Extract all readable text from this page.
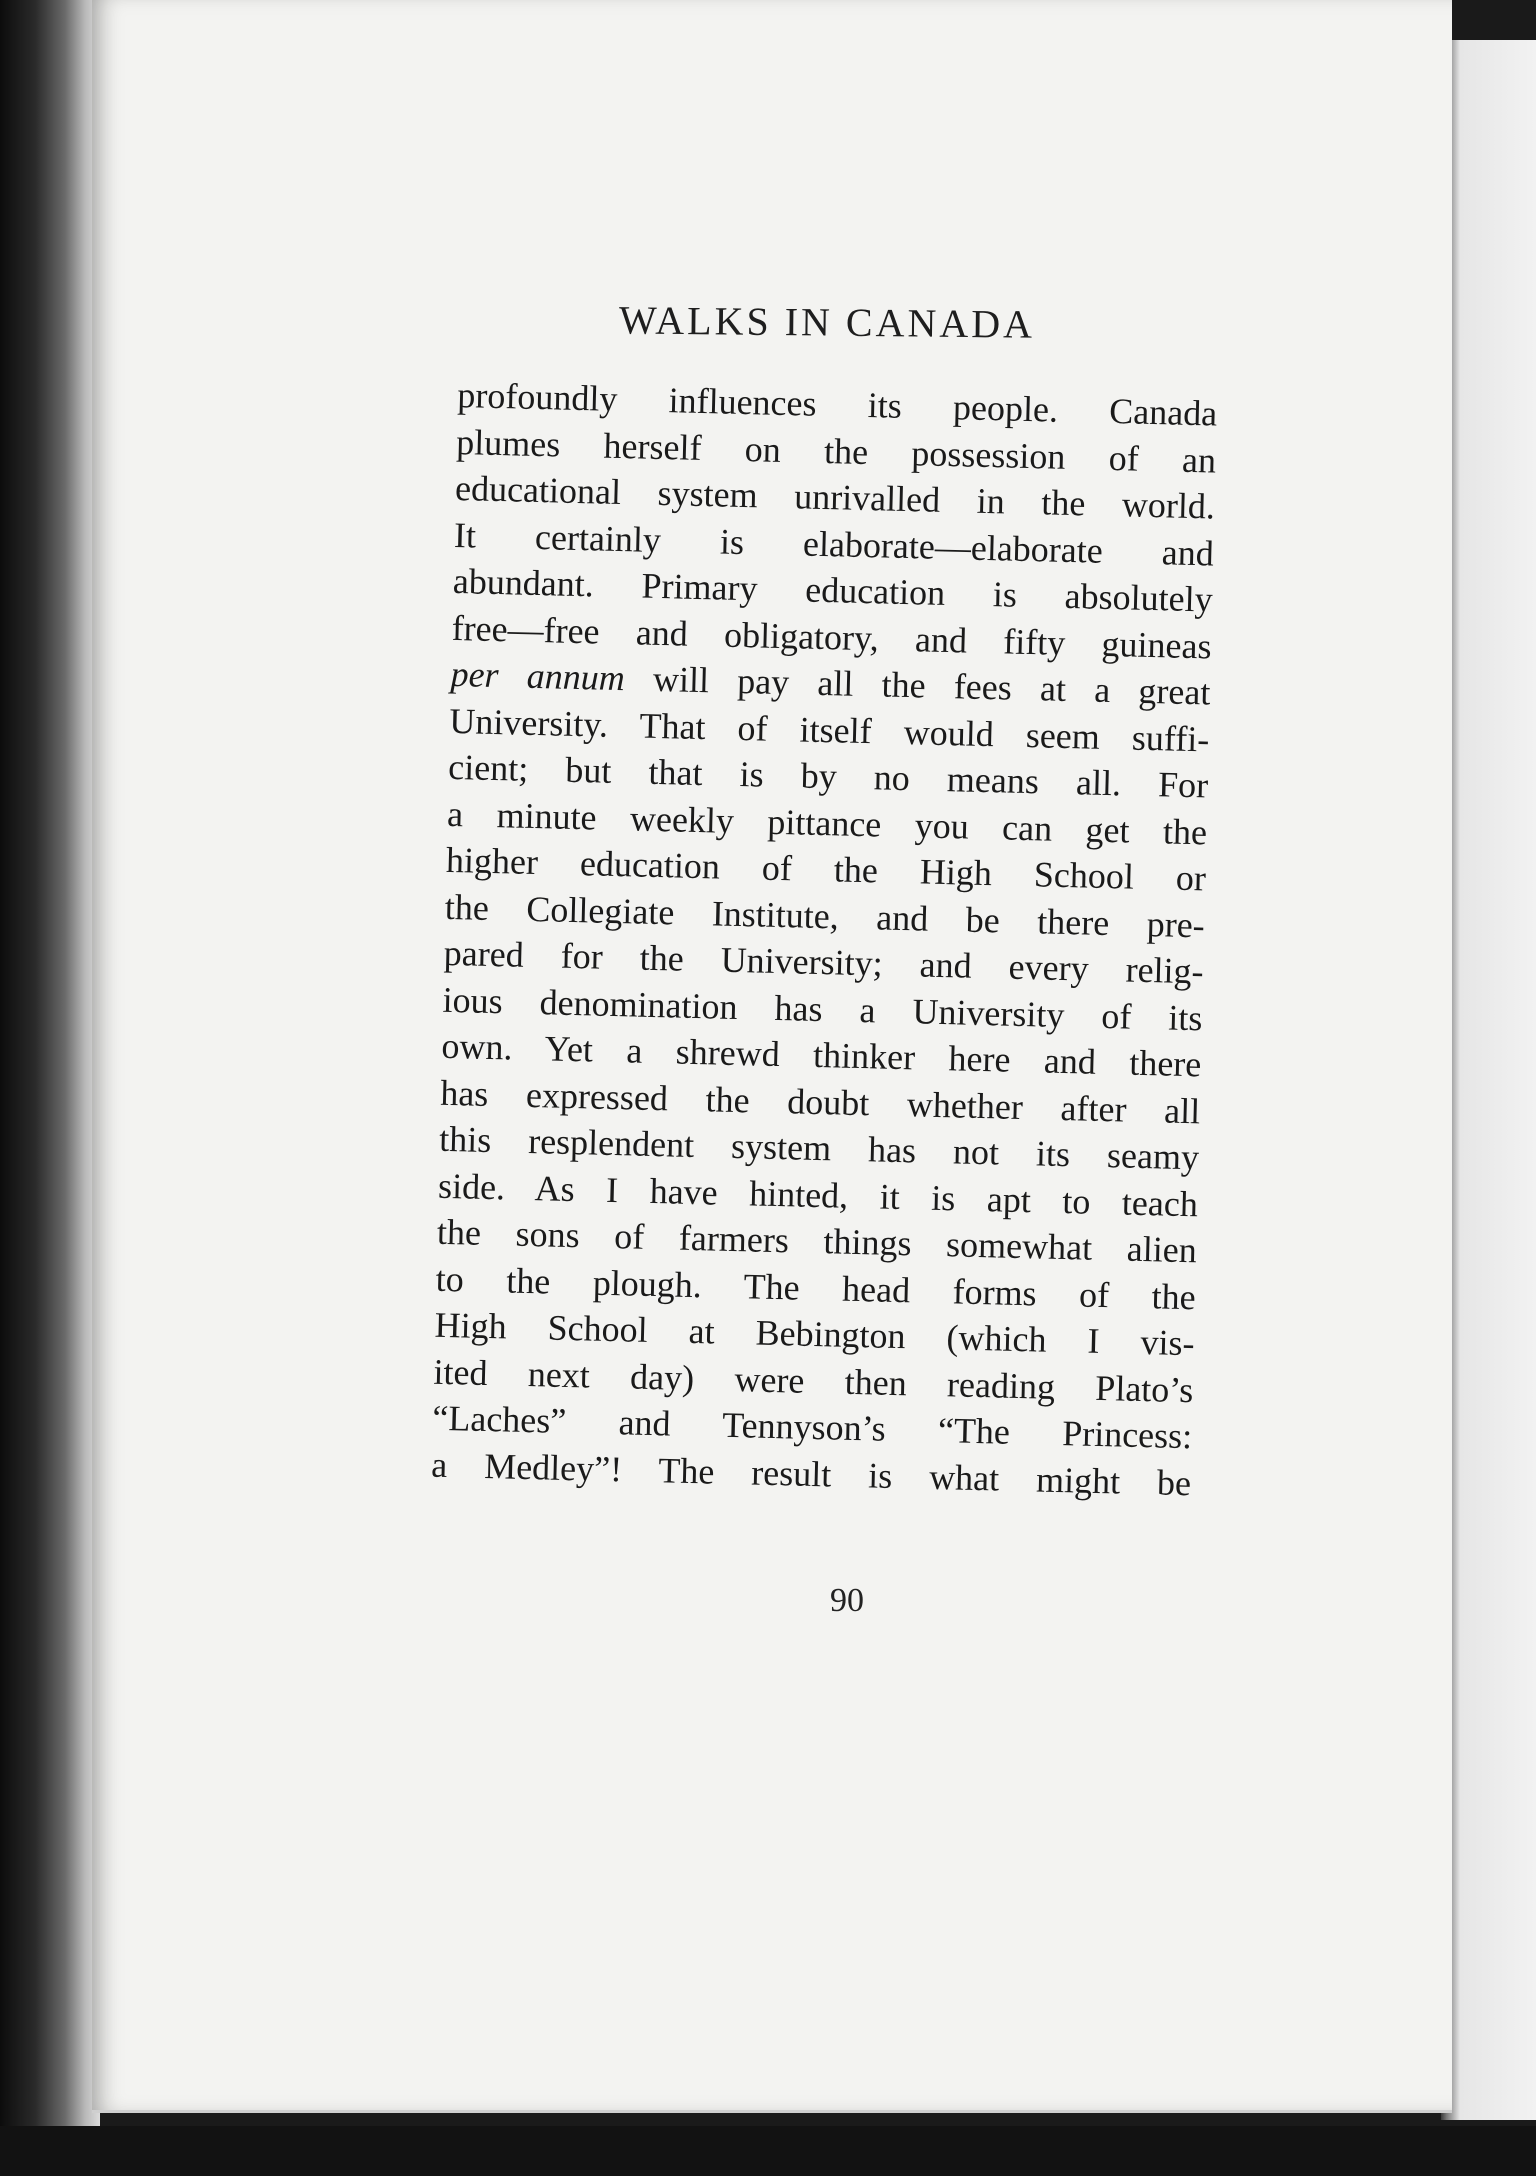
WALKS IN CANADA
profoundly influences its people. Canada
plumes herself on the possession of an
educational system unrivalled in the world.
It certainly is elaborate—elaborate and
abundant. Primary education is absolutely
free—free and obligatory, and fifty guineas
per annum will pay all the fees at a great
University. That of itself would seem suffi-
cient; but that is by no means all. For
a minute weekly pittance you can get the
higher education of the High School or
the Collegiate Institute, and be there pre-
pared for the University; and every relig-
ious denomination has a University of its
own. Yet a shrewd thinker here and there
has expressed the doubt whether after all
this resplendent system has not its seamy
side. As I have hinted, it is apt to teach
the sons of farmers things somewhat alien
to the plough. The head forms of the
High School at Bebington (which I vis-
ited next day) were then reading Plato’s
“Laches” and Tennyson’s “The Princess:
a Medley”! The result is what might be
90
